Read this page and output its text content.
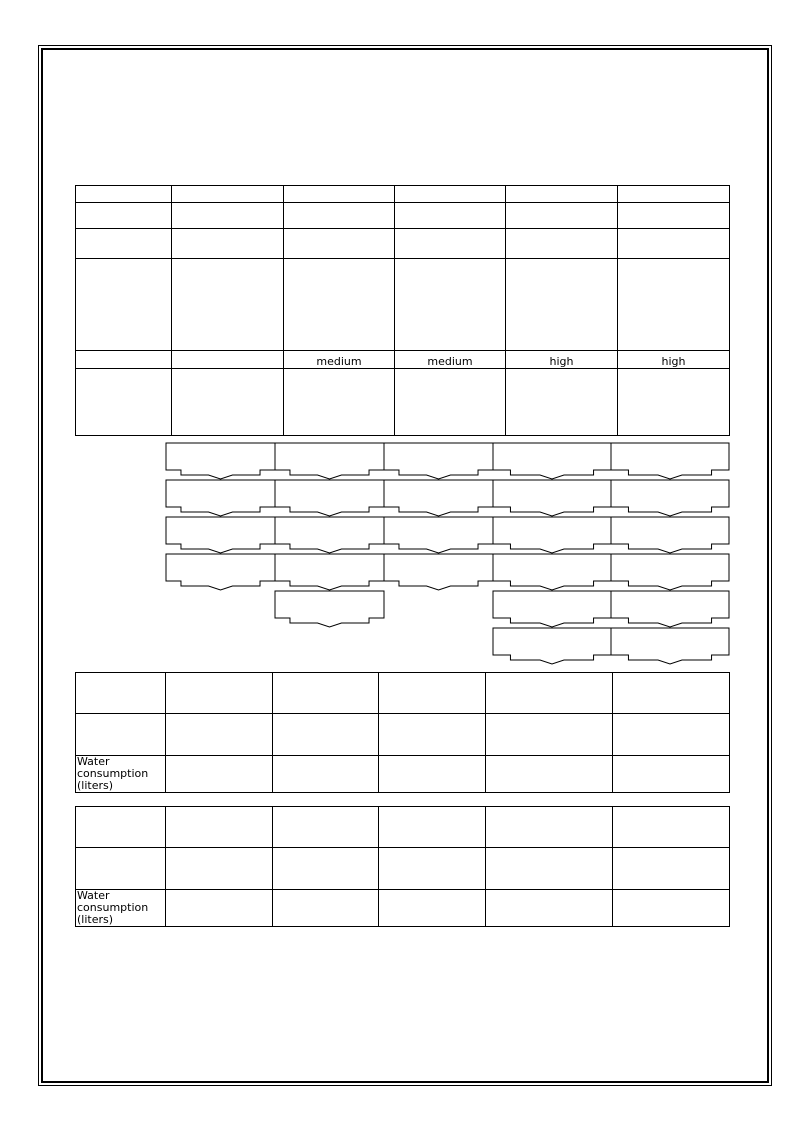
		medium	medium	high	high

Water consumption (liters)					

Water consumption (liters)					
